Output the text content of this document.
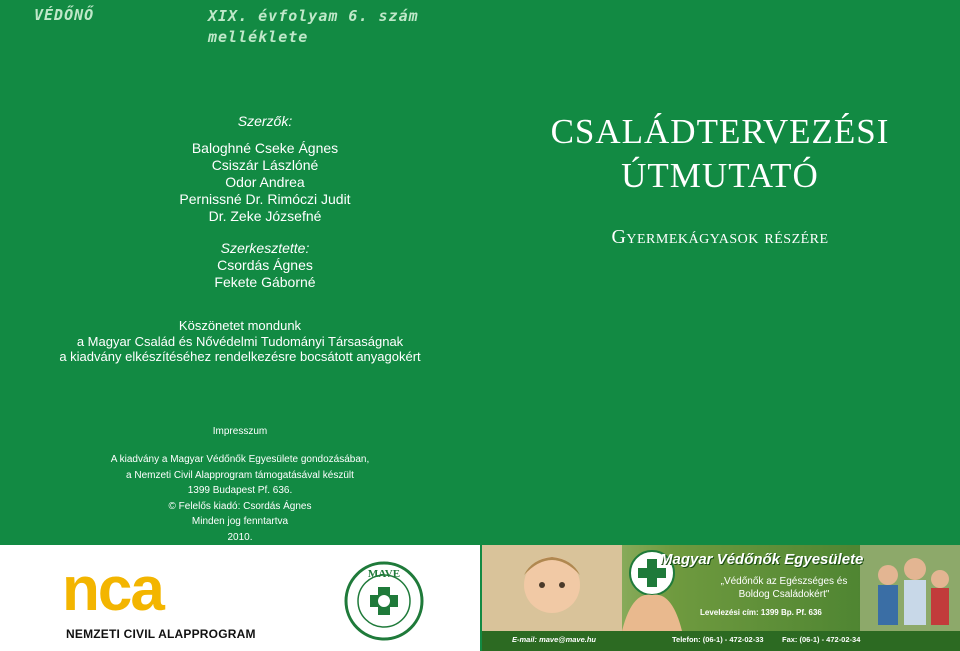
VÉDŐNŐ	XIX. évfolyam 6. szám
melléklete
Szerzők:
Baloghné Cseke Ágnes
Csiszár Lászlóné
Odor Andrea
Pernissné Dr. Rimóczi Judit
Dr. Zeke Józsefné
Szerkesztette:
Csordás Ágnes
Fekete Gáborné
CSALÁDTERVEZÉSI
ÚTMUTATÓ
Gyermekágyasok részére
Köszönetet mondunk
a Magyar Család és Nővédelmi Tudományi Társaságnak
a kiadvány elkészítéséhez rendelkezésre bocsátott anyagokért
Impresszum
A kiadvány a Magyar Védőnők Egyesülete gondozásában,
a Nemzeti Civil Alapprogram támogatásával készült
1399 Budapest Pf. 636.
© Felelős kiadó: Csordás Ágnes
Minden jog fenntartva
2010.
nca
NEMZETI CIVIL ALAPPROGRAM
MAVE
Magyar Védőnők Egyesülete
„Védőnők az Egészséges és
Boldog Családokért"
Levelezési cím: 1399 Bp. Pf. 636
E-mail: mave@mave.hu	Telefon: (06-1) - 472-02-33 Fax: (06-1) - 472-02-34
